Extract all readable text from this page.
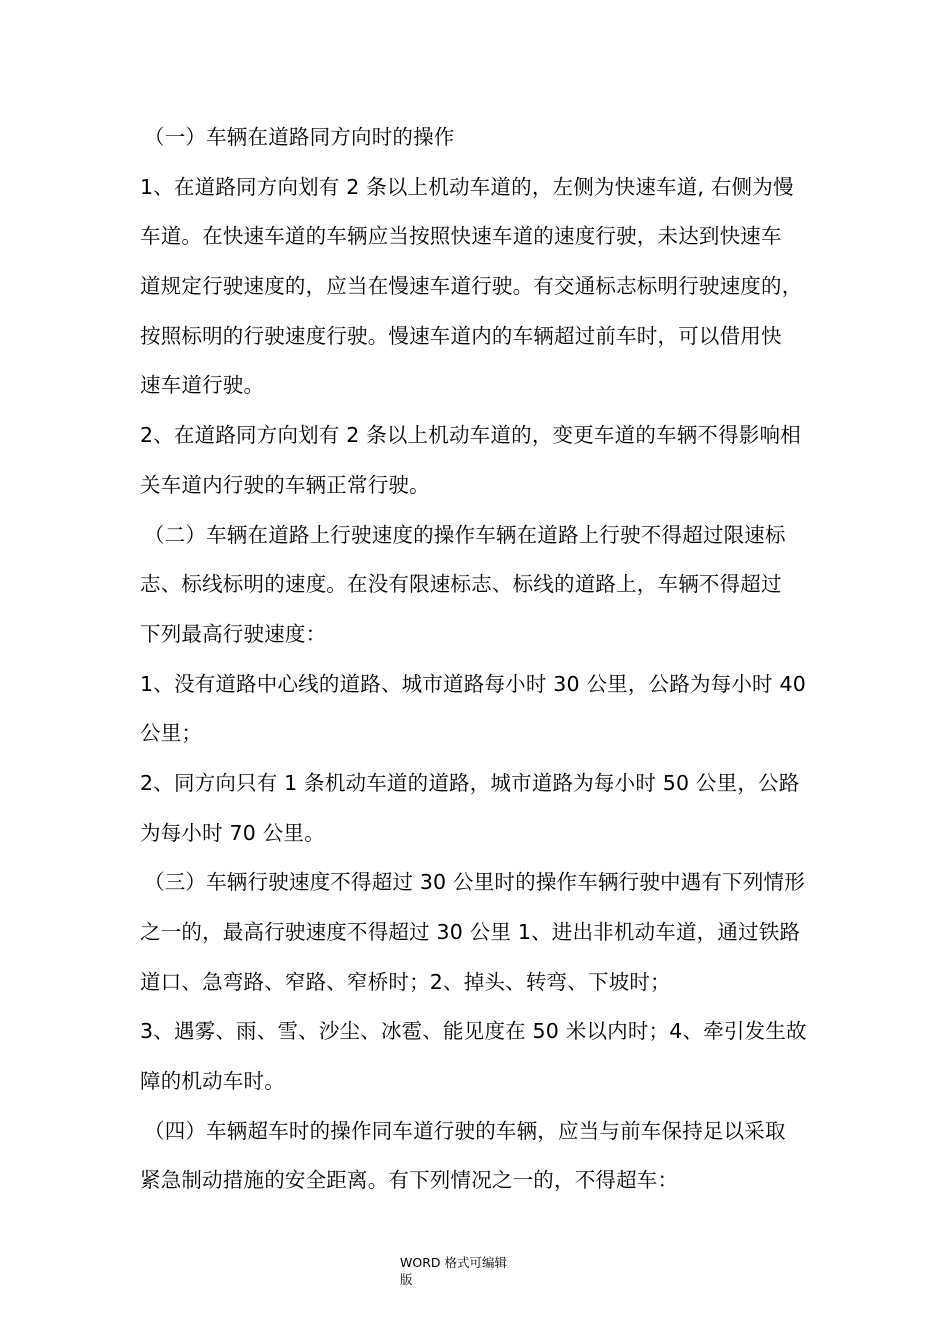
（一）车辆在道路同方向时的操作
1、在道路同方向划有 2 条以上机动车道的，左侧为快速车道, 右侧为慢
车道。在快速车道的车辆应当按照快速车道的速度行驶，未达到快速车
道规定行驶速度的，应当在慢速车道行驶。有交通标志标明行驶速度的，
按照标明的行驶速度行驶。慢速车道内的车辆超过前车时，可以借用快
速车道行驶。
2、在道路同方向划有 2 条以上机动车道的，变更车道的车辆不得影响相
关车道内行驶的车辆正常行驶。
（二）车辆在道路上行驶速度的操作车辆在道路上行驶不得超过限速标
志、标线标明的速度。在没有限速标志、标线的道路上，车辆不得超过
下列最高行驶速度：
1、没有道路中心线的道路、城市道路每小时 30 公里，公路为每小时 40
公里；
2、同方向只有 1 条机动车道的道路，城市道路为每小时 50 公里，公路
为每小时 70 公里。
（三）车辆行驶速度不得超过 30 公里时的操作车辆行驶中遇有下列情形
之一的，最高行驶速度不得超过 30 公里 1、进出非机动车道，通过铁路
道口、急弯路、窄路、窄桥时；2、掉头、转弯、下坡时；
3、遇雾、雨、雪、沙尘、冰雹、能见度在 50 米以内时；4、牵引发生故
障的机动车时。
（四）车辆超车时的操作同车道行驶的车辆，应当与前车保持足以采取
紧急制动措施的安全距离。有下列情况之一的，不得超车：
WORD 格式可编辑
版
